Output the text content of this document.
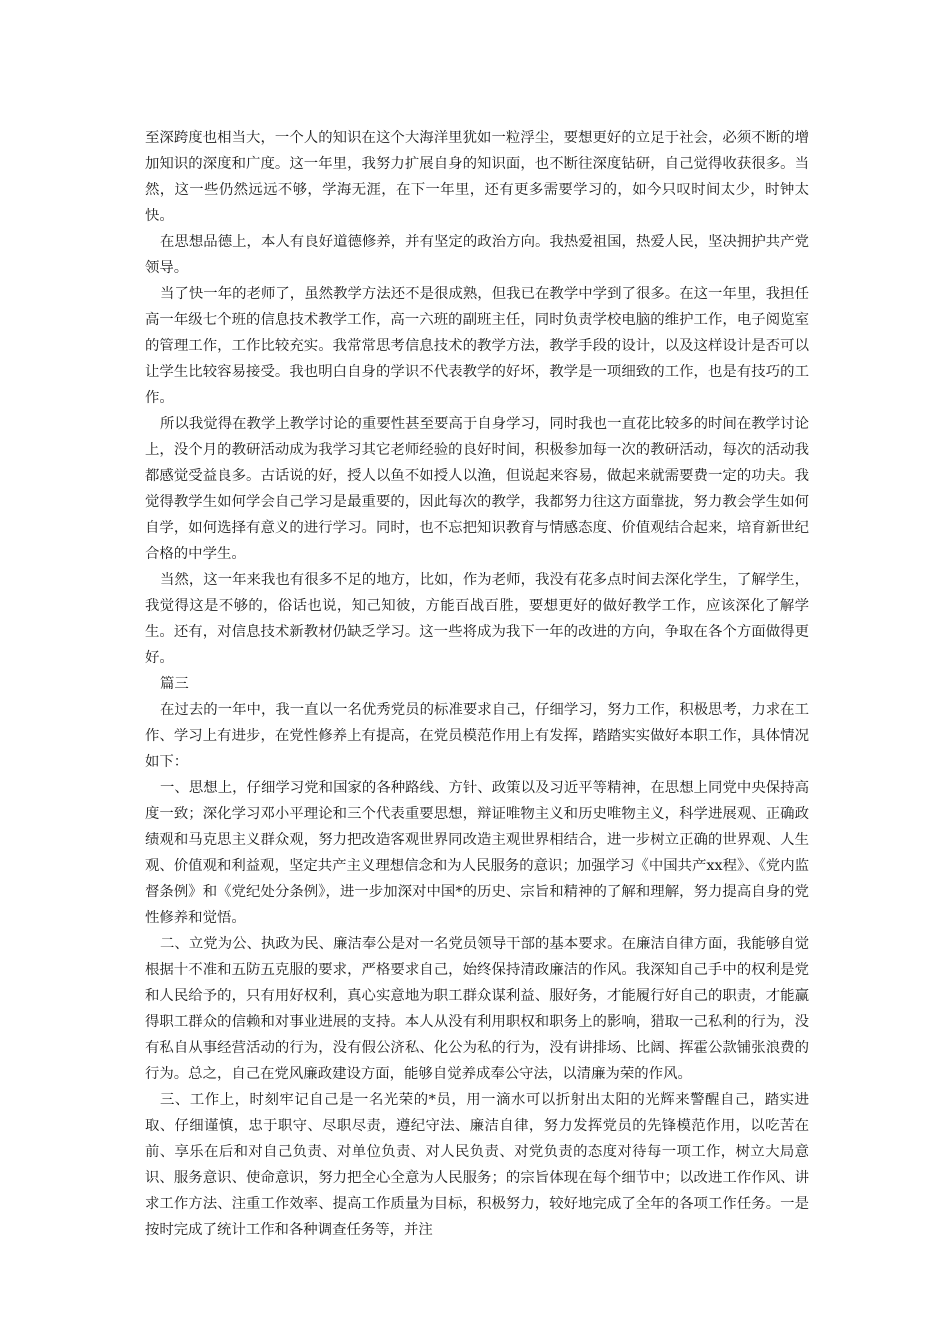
至深跨度也相当大，一个人的知识在这个大海洋里犹如一粒浮尘，要想更好的立足于社会，必须不断的增加知识的深度和广度。这一年里，我努力扩展自身的知识面，也不断往深度钻研，自己觉得收获很多。当然，这一些仍然远远不够，学海无涯，在下一年里，还有更多需要学习的，如今只叹时间太少，时钟太快。

在思想品德上，本人有良好道德修养，并有坚定的政治方向。我热爱祖国，热爱人民，坚决拥护共产党领导。

当了快一年的老师了，虽然教学方法还不是很成熟，但我已在教学中学到了很多。在这一年里，我担任高一年级七个班的信息技术教学工作，高一六班的副班主任，同时负责学校电脑的维护工作，电子阅览室的管理工作，工作比较充实。我常常思考信息技术的教学方法，教学手段的设计，以及这样设计是否可以让学生比较容易接受。我也明白自身的学识不代表教学的好坏，教学是一项细致的工作，也是有技巧的工作。

所以我觉得在教学上教学讨论的重要性甚至要高于自身学习，同时我也一直花比较多的时间在教学讨论上，没个月的教研活动成为我学习其它老师经验的良好时间，积极参加每一次的教研活动，每次的活动我都感觉受益良多。古话说的好，授人以鱼不如授人以渔，但说起来容易，做起来就需要费一定的功夫。我觉得教学生如何学会自己学习是最重要的，因此每次的教学，我都努力往这方面靠拢，努力教会学生如何自学，如何选择有意义的进行学习。同时，也不忘把知识教育与情感态度、价值观结合起来，培育新世纪合格的中学生。

当然，这一年来我也有很多不足的地方，比如，作为老师，我没有花多点时间去深化学生，了解学生，我觉得这是不够的，俗话也说，知己知彼，方能百战百胜，要想更好的做好教学工作，应该深化了解学生。还有，对信息技术新教材仍缺乏学习。这一些将成为我下一年的改进的方向，争取在各个方面做得更好。

篇三

在过去的一年中，我一直以一名优秀党员的标准要求自己，仔细学习，努力工作，积极思考，力求在工作、学习上有进步，在党性修养上有提高，在党员模范作用上有发挥，踏踏实实做好本职工作，具体情况如下：

一、思想上，仔细学习党和国家的各种路线、方针、政策以及习近平等精神，在思想上同党中央保持高度一致；深化学习邓小平理论和三个代表重要思想，辩证唯物主义和历史唯物主义，科学进展观、正确政绩观和马克思主义群众观，努力把改造客观世界同改造主观世界相结合，进一步树立正确的世界观、人生观、价值观和利益观，坚定共产主义理想信念和为人民服务的意识；加强学习《中国共产xx程》、《党内监督条例》和《党纪处分条例》，进一步加深对中国*的历史、宗旨和精神的了解和理解，努力提高自身的党性修养和觉悟。

二、立党为公、执政为民、廉洁奉公是对一名党员领导干部的基本要求。在廉洁自律方面，我能够自觉根据十不准和五防五克服的要求，严格要求自己，始终保持清政廉洁的作风。我深知自己手中的权利是党和人民给予的，只有用好权利，真心实意地为职工群众谋利益、服好务，才能履行好自己的职责，才能赢得职工群众的信赖和对事业进展的支持。本人从没有利用职权和职务上的影响，猎取一己私利的行为，没有私自从事经营活动的行为，没有假公济私、化公为私的行为，没有讲排场、比阔、挥霍公款铺张浪费的行为。总之，自己在党风廉政建设方面，能够自觉养成奉公守法，以清廉为荣的作风。

三、工作上，时刻牢记自己是一名光荣的*员，用一滴水可以折射出太阳的光辉来警醒自己，踏实进取、仔细谨慎，忠于职守、尽职尽责，遵纪守法、廉洁自律，努力发挥党员的先锋模范作用，以吃苦在前、享乐在后和对自己负责、对单位负责、对人民负责、对党负责的态度对待每一项工作，树立大局意识、服务意识、使命意识，努力把全心全意为人民服务；的宗旨体现在每个细节中；以改进工作作风、讲求工作方法、注重工作效率、提高工作质量为目标，积极努力，较好地完成了全年的各项工作任务。一是按时完成了统计工作和各种调查任务等，并注
